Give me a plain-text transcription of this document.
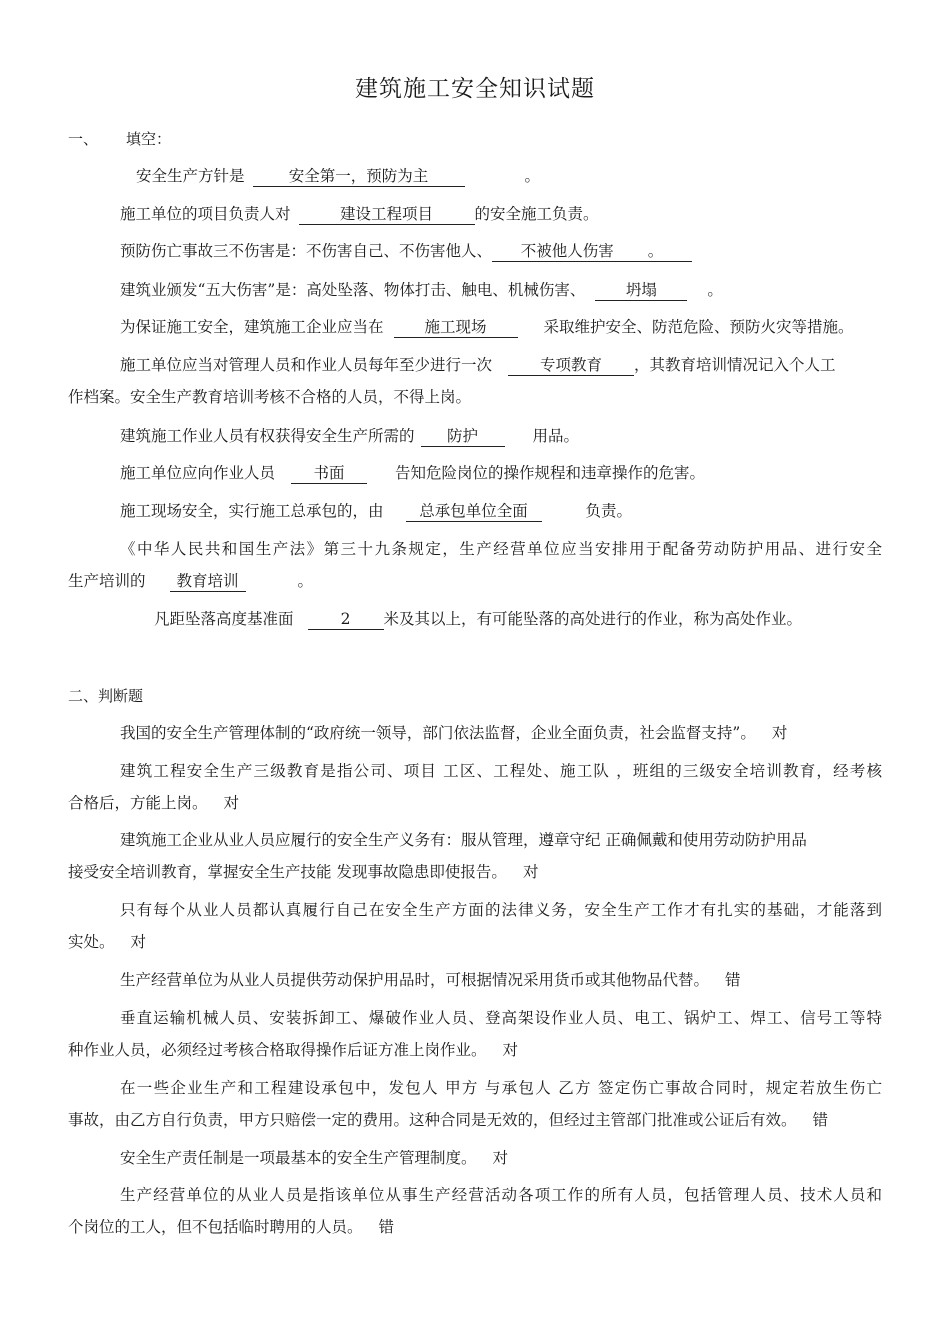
建筑施工安全知识试题
一、 填空：
安全生产方针是	安全第一，预防为主	。
施工单位的项目负责人对	建设工程项目	的安全施工负责。
预防伤亡事故三不伤害是：不伤害自己、不伤害他人、 不被他人伤害 。
建筑业颁发“五大伤害”是：高处坠落、物体打击、触电、机械伤害、	坍塌	。
为保证施工安全，建筑施工企业应当在	施工现场	采取维护安全、防范危险、预防火灾等措施。
施工单位应当对管理人员和作业人员每年至少进行一次	专项教育 ，其教育培训情况记入个人工
作档案。安全生产教育培训考核不合格的人员，不得上岗。
建筑施工作业人员有权获得安全生产所需的 防护	用品。
施工单位应向作业人员 书面	告知危险岗位的操作规程和违章操作的危害。
施工现场安全，实行施工总承包的，由 总承包单位全面	负责。
《中华人民共和国生产法》第三十九条规定，生产经营单位应当安排用于配备劳动防护用品、进行安全
生产培训的 教育培训	。
凡距坠落高度基准面	2 米及其以上，有可能坠落的高处进行的作业，称为高处作业。
二、判断题
我国的安全生产管理体制的“政府统一领导，部门依法监督，企业全面负责，社会监督支持”。 对
建筑工程安全生产三级教育是指公司、项目 工区、工程处、施工队 ，班组的三级安全培训教育，经考核
合格后，方能上岗。 对
建筑施工企业从业人员应履行的安全生产义务有：服从管理，遵章守纪 正确佩戴和使用劳动防护用品
接受安全培训教育，掌握安全生产技能 发现事故隐患即使报告。 对
只有每个从业人员都认真履行自己在安全生产方面的法律义务，安全生产工作才有扎实的基础，才能落到
实处。 对
生产经营单位为从业人员提供劳动保护用品时，可根据情况采用货币或其他物品代替。 错
垂直运输机械人员、安装拆卸工、爆破作业人员、登高架设作业人员、电工、锅炉工、焊工、信号工等特
种作业人员，必须经过考核合格取得操作后证方准上岗作业。 对
在一些企业生产和工程建设承包中，发包人 甲方 与承包人 乙方 签定伤亡事故合同时，规定若放生伤亡
事故，由乙方自行负责，甲方只赔偿一定的费用。这种合同是无效的，但经过主管部门批准或公证后有效。 错
安全生产责任制是一项最基本的安全生产管理制度。 对
生产经营单位的从业人员是指该单位从事生产经营活动各项工作的所有人员，包括管理人员、技术人员和
个岗位的工人，但不包括临时聘用的人员。 错
